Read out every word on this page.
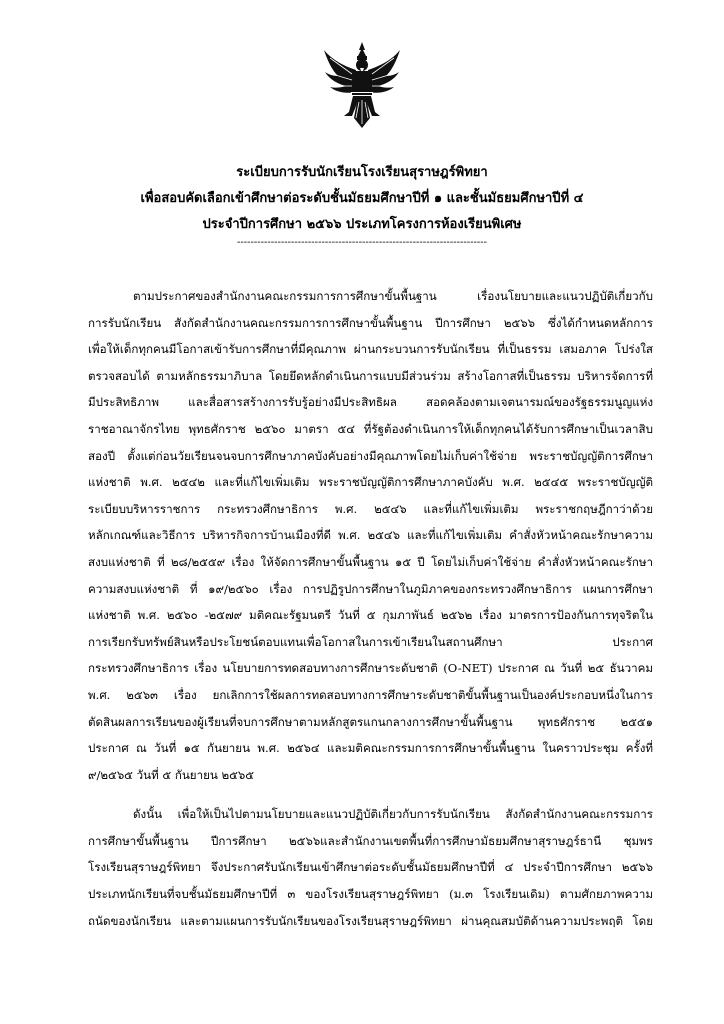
ระเบียบการรับนักเรียนโรงเรียนสุราษฎร์พิทยา
เพื่อสอบคัดเลือกเข้าศึกษาต่อระดับชั้นมัธยมศึกษาปีที่ ๑ และชั้นมัธยมศึกษาปีที่ ๔
ประจำปีการศึกษา ๒๕๖๖ ประเภทโครงการห้องเรียนพิเศษ
--------------------------------------------------------------------------
ตามประกาศของสำนักงานคณะกรรมการการศึกษาขั้นพื้นฐาน เรื่องนโยบายและแนวปฏิบัติเกี่ยวกับ
การรับนักเรียน สังกัดสำนักงานคณะกรรมการการศึกษาขั้นพื้นฐาน ปีการศึกษา ๒๕๖๖ ซึ่งได้กำหนดหลักการ
เพื่อให้เด็กทุกคนมีโอกาสเข้ารับการศึกษาที่มีคุณภาพ ผ่านกระบวนการรับนักเรียน ที่เป็นธรรม เสมอภาค โปร่งใส
ตรวจสอบได้ ตามหลักธรรมาภิบาล โดยยึดหลักดำเนินการแบบมีส่วนร่วม สร้างโอกาสที่เป็นธรรม บริหารจัดการที่
มีประสิทธิภาพ และสื่อสารสร้างการรับรู้อย่างมีประสิทธิผล สอดคล้องตามเจตนารมณ์ของรัฐธรรมนูญแห่ง
ราชอาณาจักรไทย พุทธศักราช ๒๕๖๐ มาตรา ๕๔ ที่รัฐต้องดำเนินการให้เด็กทุกคนได้รับการศึกษาเป็นเวลาสิบ
สองปี ตั้งแต่ก่อนวัยเรียนจนจบการศึกษาภาคบังคับอย่างมีคุณภาพโดยไม่เก็บค่าใช้จ่าย พระราชบัญญัติการศึกษา
แห่งชาติ พ.ศ. ๒๕๔๒ และที่แก้ไขเพิ่มเติม พระราชบัญญัติการศึกษาภาคบังคับ พ.ศ. ๒๕๔๕ พระราชบัญญัติ
ระเบียบบริหารราชการ กระทรวงศึกษาธิการ พ.ศ. ๒๕๔๖ และที่แก้ไขเพิ่มเติม พระราชกฤษฎีกาว่าด้วย
หลักเกณฑ์และวิธีการ บริหารกิจการบ้านเมืองที่ดี พ.ศ. ๒๕๔๖ และที่แก้ไขเพิ่มเติม คำสั่งหัวหน้าคณะรักษาความ
สงบแห่งชาติ ที่ ๒๘/๒๕๕๙ เรื่อง ให้จัดการศึกษาขั้นพื้นฐาน ๑๕ ปี โดยไม่เก็บค่าใช้จ่าย คำสั่งหัวหน้าคณะรักษา
ความสงบแห่งชาติ ที่ ๑๙/๒๕๖๐ เรื่อง การปฏิรูปการศึกษาในภูมิภาคของกระทรวงศึกษาธิการ แผนการศึกษา
แห่งชาติ พ.ศ. ๒๕๖๐ -๒๕๗๙ มติคณะรัฐมนตรี วันที่ ๕ กุมภาพันธ์ ๒๕๖๒ เรื่อง มาตรการป้องกันการทุจริตใน
การเรียกรับทรัพย์สินหรือประโยชน์ตอบแทนเพื่อโอกาสในการเข้าเรียนในสถานศึกษา ประกาศ
กระทรวงศึกษาธิการ เรื่อง นโยบายการทดสอบทางการศึกษาระดับชาติ (O-NET) ประกาศ ณ วันที่ ๒๕ ธันวาคม
พ.ศ. ๒๕๖๓ เรื่อง ยกเลิกการใช้ผลการทดสอบทางการศึกษาระดับชาติขั้นพื้นฐานเป็นองค์ประกอบหนึ่งในการ
ตัดสินผลการเรียนของผู้เรียนที่จบการศึกษาตามหลักสูตรแกนกลางการศึกษาขั้นพื้นฐาน พุทธศักราช ๒๕๕๑
ประกาศ ณ วันที่ ๑๕ กันยายน พ.ศ. ๒๕๖๔ และมติคณะกรรมการการศึกษาขั้นพื้นฐาน ในคราวประชุม ครั้งที่
๙/๒๕๖๕ วันที่ ๕ กันยายน ๒๕๖๕
ดังนั้น เพื่อให้เป็นไปตามนโยบายและแนวปฏิบัติเกี่ยวกับการรับนักเรียน สังกัดสำนักงานคณะกรรมการ
การศึกษาขั้นพื้นฐาน ปีการศึกษา ๒๕๖๖และสำนักงานเขตพื้นที่การศึกษามัธยมศึกษาสุราษฎร์ธานี ชุมพร
โรงเรียนสุราษฎร์พิทยา จึงประกาศรับนักเรียนเข้าศึกษาต่อระดับชั้นมัธยมศึกษาปีที่ ๔ ประจำปีการศึกษา ๒๕๖๖
ประเภทนักเรียนที่จบชั้นมัธยมศึกษาปีที่ ๓ ของโรงเรียนสุราษฎร์พิทยา (ม.๓ โรงเรียนเดิม) ตามศักยภาพความ
ถนัดของนักเรียน และตามแผนการรับนักเรียนของโรงเรียนสุราษฎร์พิทยา ผ่านคุณสมบัติด้านความประพฤติ โดย
